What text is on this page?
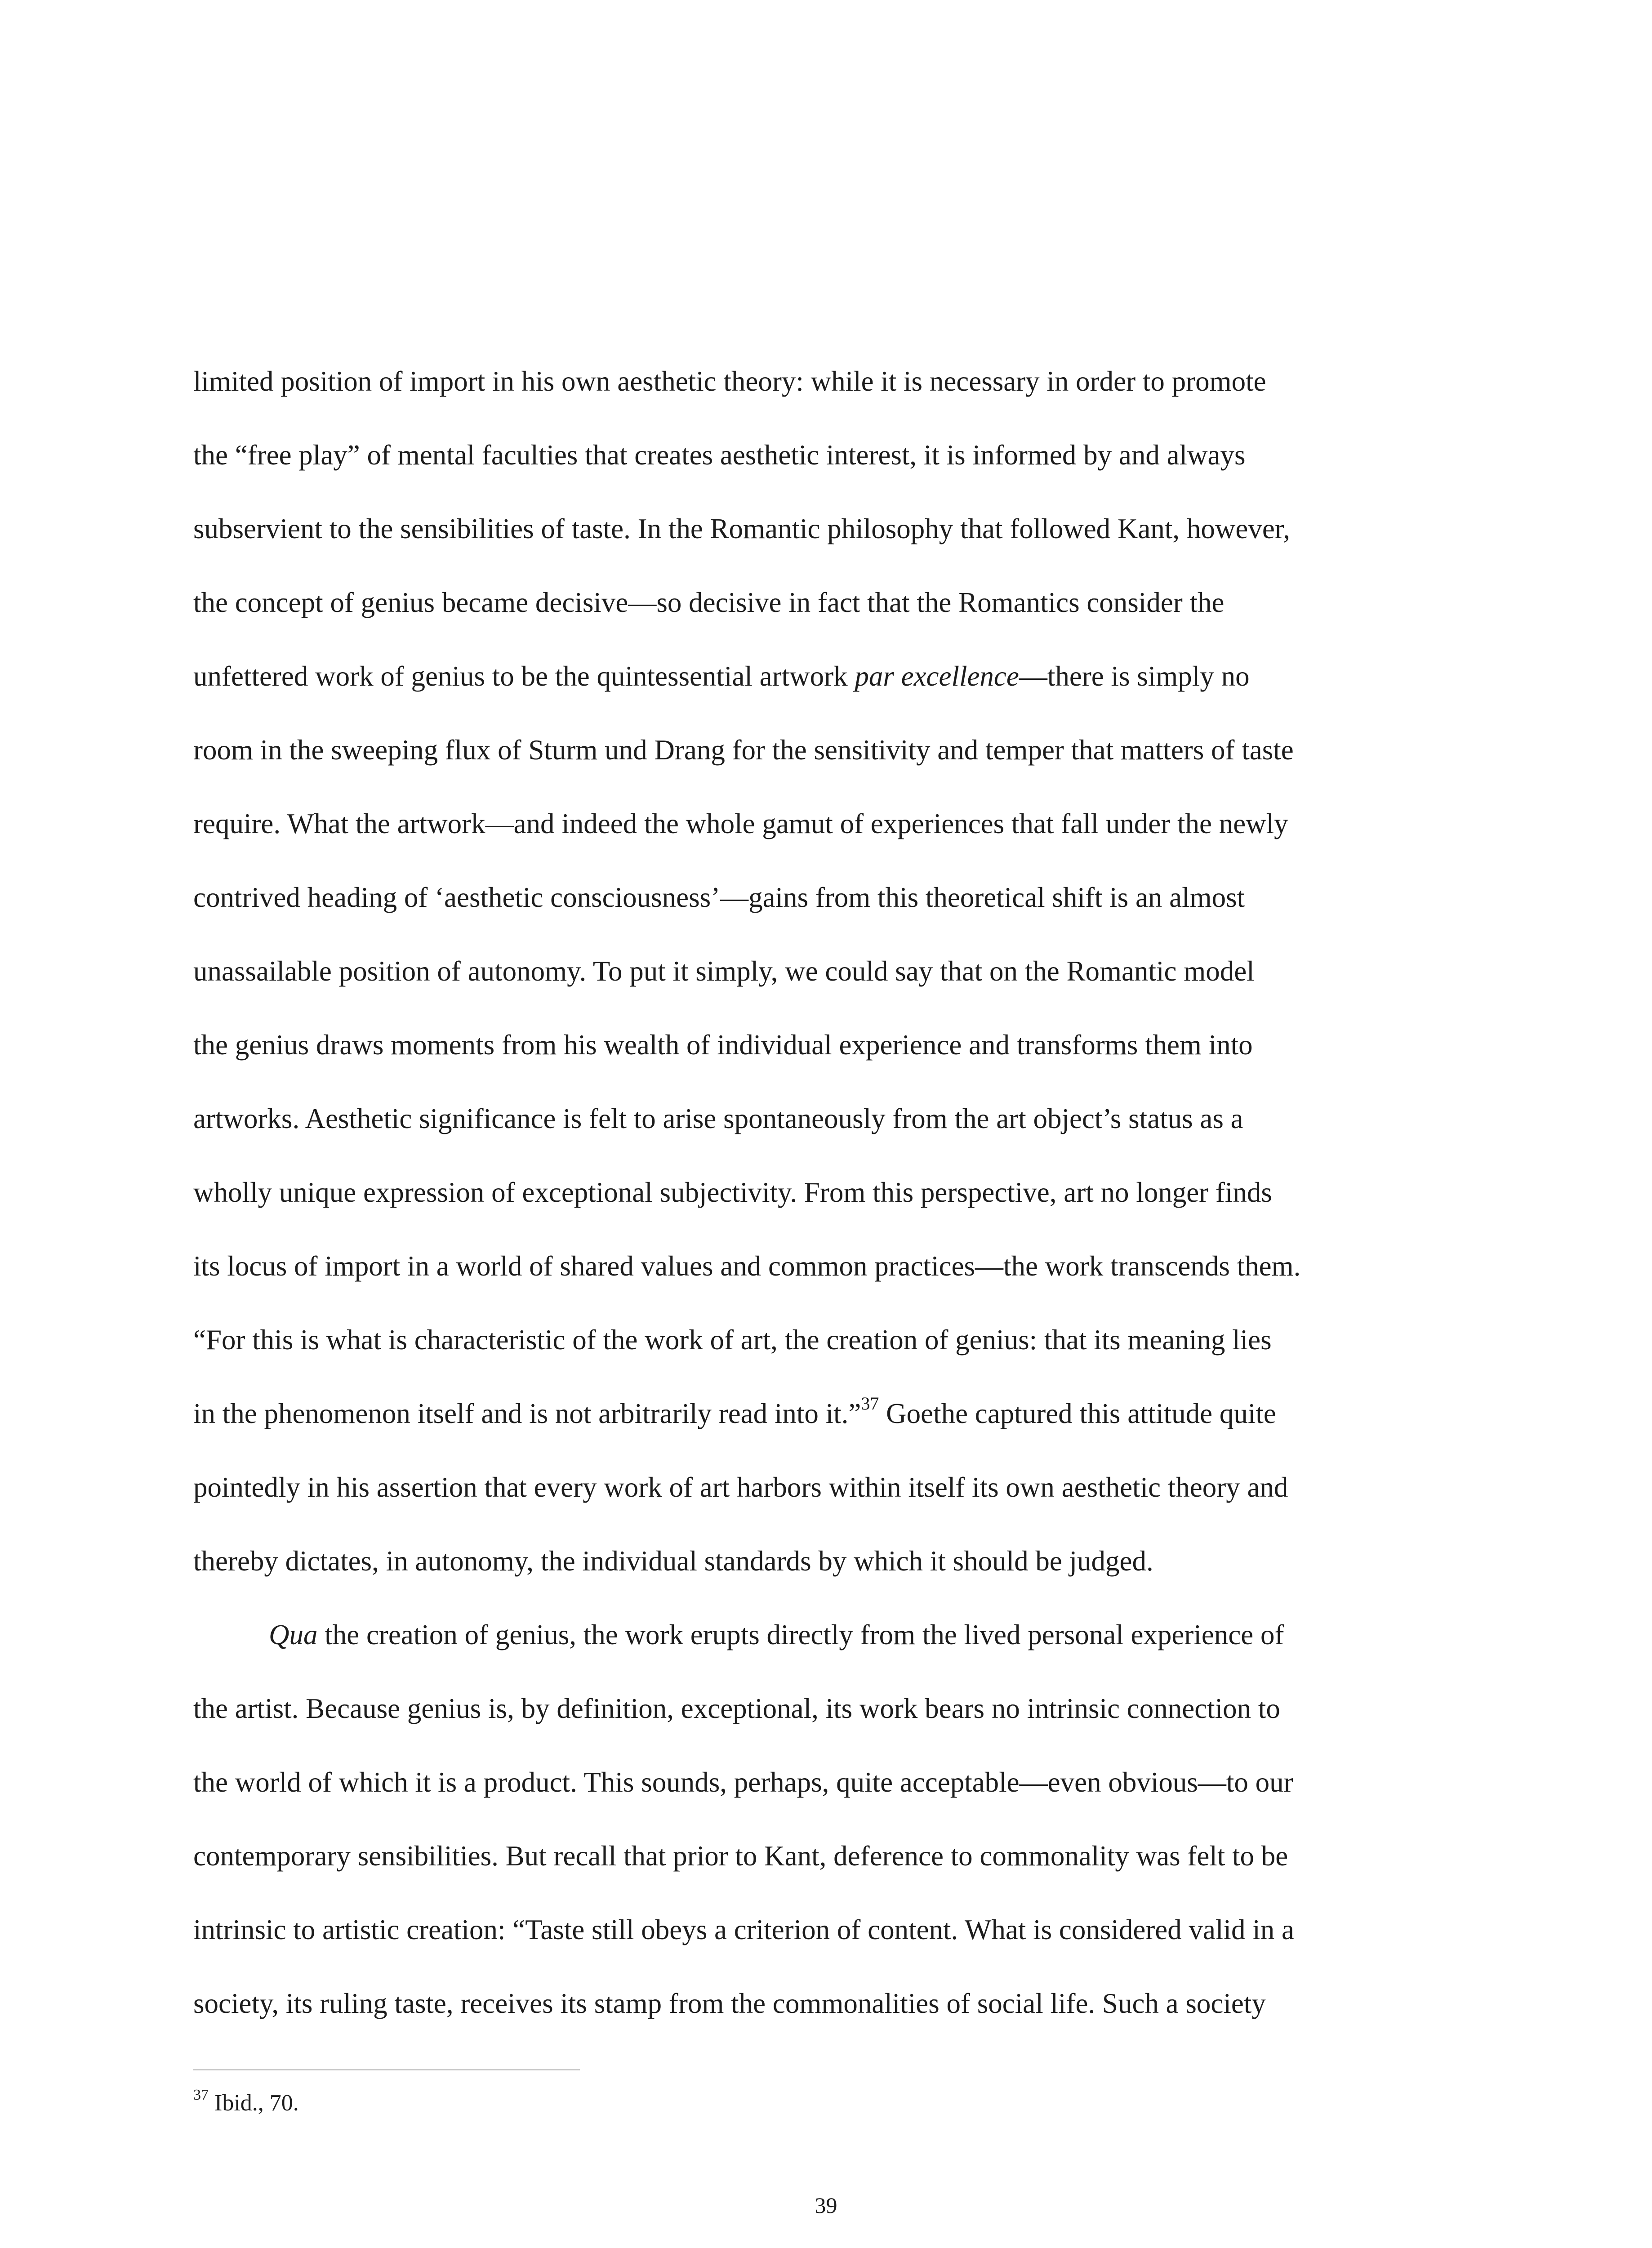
limited position of import in his own aesthetic theory: while it is necessary in order to promote
the “free play” of mental faculties that creates aesthetic interest, it is informed by and always
subservient to the sensibilities of taste. In the Romantic philosophy that followed Kant, however,
the concept of genius became decisive—so decisive in fact that the Romantics consider the
unfettered work of genius to be the quintessential artwork par excellence—there is simply no
room in the sweeping flux of Sturm und Drang for the sensitivity and temper that matters of taste
require. What the artwork—and indeed the whole gamut of experiences that fall under the newly
contrived heading of ‘aesthetic consciousness’—gains from this theoretical shift is an almost
unassailable position of autonomy. To put it simply, we could say that on the Romantic model
the genius draws moments from his wealth of individual experience and transforms them into
artworks. Aesthetic significance is felt to arise spontaneously from the art object’s status as a
wholly unique expression of exceptional subjectivity. From this perspective, art no longer finds
its locus of import in a world of shared values and common practices—the work transcends them.
“For this is what is characteristic of the work of art, the creation of genius: that its meaning lies
in the phenomenon itself and is not arbitrarily read into it.”$^{37}$ Goethe captured this attitude quite
pointedly in his assertion that every work of art harbors within itself its own aesthetic theory and
thereby dictates, in autonomy, the individual standards by which it should be judged.
Qua the creation of genius, the work erupts directly from the lived personal experience of
the artist. Because genius is, by definition, exceptional, its work bears no intrinsic connection to
the world of which it is a product. This sounds, perhaps, quite acceptable—even obvious—to our
contemporary sensibilities. But recall that prior to Kant, deference to commonality was felt to be
intrinsic to artistic creation: “Taste still obeys a criterion of content. What is considered valid in a
society, its ruling taste, receives its stamp from the commonalities of social life. Such a society
$^{37}$ Ibid., 70.
39
